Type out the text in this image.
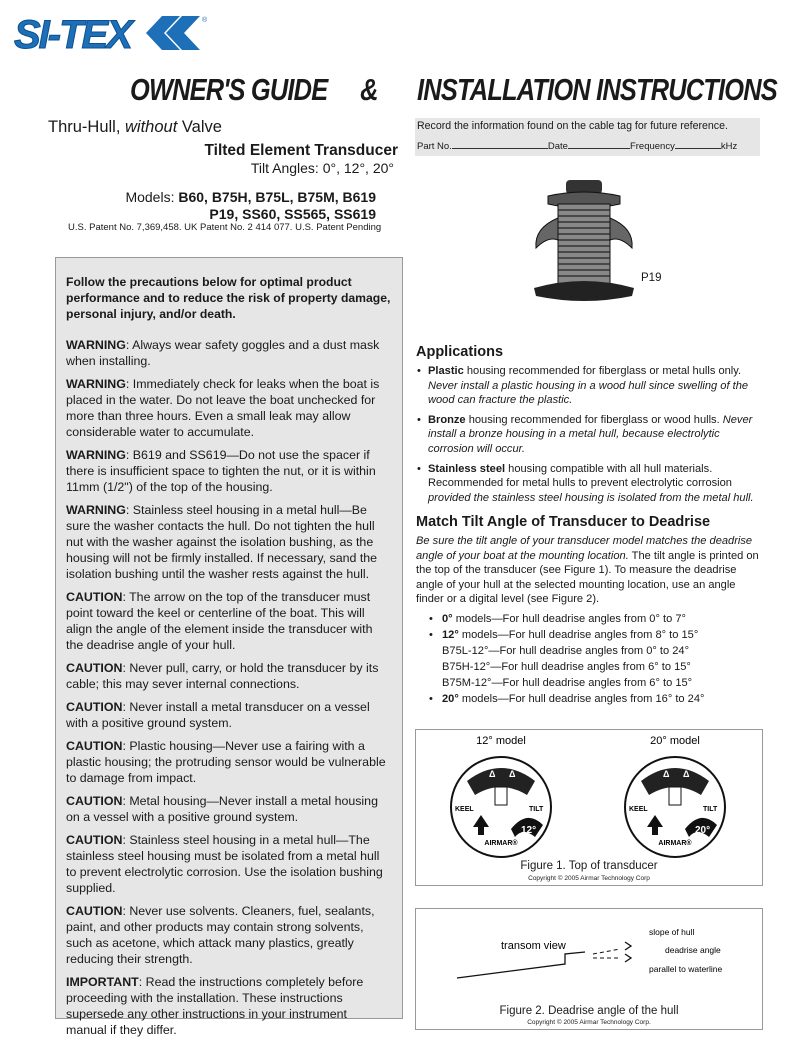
SI-TEX	®
OWNER'S GUIDE & INSTALLATION INSTRUCTIONS
Thru-Hull, without Valve
Tilted Element Transducer
Tilt Angles: 0°, 12°, 20°
Models: B60, B75H, B75L, B75M, B619
P19, SS60, SS565, SS619
U.S. Patent No. 7,369,458. UK Patent No. 2 414 077. U.S. Patent Pending

Follow the precautions below for optimal product performance and to reduce the risk of property damage, personal injury, and/or death.

WARNING: Always wear safety goggles and a dust mask when installing.

WARNING: Immediately check for leaks when the boat is placed in the water. Do not leave the boat unchecked for more than three hours. Even a small leak may allow considerable water to accumulate.

WARNING: B619 and SS619—Do not use the spacer if there is insufficient space to tighten the nut, or it is within 11mm (1/2") of the top of the housing.

WARNING: Stainless steel housing in a metal hull—Be sure the washer contacts the hull. Do not tighten the hull nut with the washer against the isolation bushing, as the housing will not be firmly installed. If necessary, sand the isolation bushing until the washer rests against the hull.

CAUTION: The arrow on the top of the transducer must point toward the keel or centerline of the boat. This will align the angle of the element inside the transducer with the deadrise angle of your hull.

CAUTION: Never pull, carry, or hold the transducer by its cable; this may sever internal connections.

CAUTION: Never install a metal transducer on a vessel with a positive ground system.

CAUTION: Plastic housing—Never use a fairing with a plastic housing; the protruding sensor would be vulnerable to damage from impact.

CAUTION: Metal housing—Never install a metal housing on a vessel with a positive ground system.

CAUTION: Stainless steel housing in a metal hull—The stainless steel housing must be isolated from a metal hull to prevent electrolytic corrosion. Use the isolation bushing supplied.

CAUTION: Never use solvents. Cleaners, fuel, sealants, paint, and other products may contain strong solvents, such as acetone, which attack many plastics, greatly reducing their strength.

IMPORTANT: Read the instructions completely before proceeding with the installation. These instructions supersede any other instructions in your instrument manual if they differ.

Record the information found on the cable tag for future reference.
Part No.	Date	Frequency	kHz
P19
Applications
• Plastic housing recommended for fiberglass or metal hulls only. Never install a plastic housing in a wood hull since swelling of the wood can fracture the plastic.
• Bronze housing recommended for fiberglass or wood hulls. Never install a bronze housing in a metal hull, because electrolytic corrosion will occur.
• Stainless steel housing compatible with all hull materials. Recommended for metal hulls to prevent electrolytic corrosion provided the stainless steel housing is isolated from the metal hull.
Match Tilt Angle of Transducer to Deadrise
Be sure the tilt angle of your transducer model matches the deadrise angle of your boat at the mounting location. The tilt angle is printed on the top of the transducer (see Figure 1). To measure the deadrise angle of your hull at the selected mounting location, use an angle finder or a digital level (see Figure 2).
• 0° models—For hull deadrise angles from 0° to 7°
• 12° models—For hull deadrise angles from 8° to 15°
B75L-12°—For hull deadrise angles from 0° to 24°
B75H-12°—For hull deadrise angles from 6° to 15°
B75M-12°—For hull deadrise angles from 6° to 15°
• 20° models—For hull deadrise angles from 16° to 24°
12° model	20° model
Δ Δ
KEEL	TILT
12°
AIRMAR®
Δ Δ
KEEL	TILT
20°
AIRMAR®
Figure 1. Top of transducer
Copyright © 2005 Airmar Technology Corp
transom view
slope of hull
deadrise angle
parallel to waterline
Figure 2. Deadrise angle of the hull
Copyright © 2005 Airmar Technology Corp.
